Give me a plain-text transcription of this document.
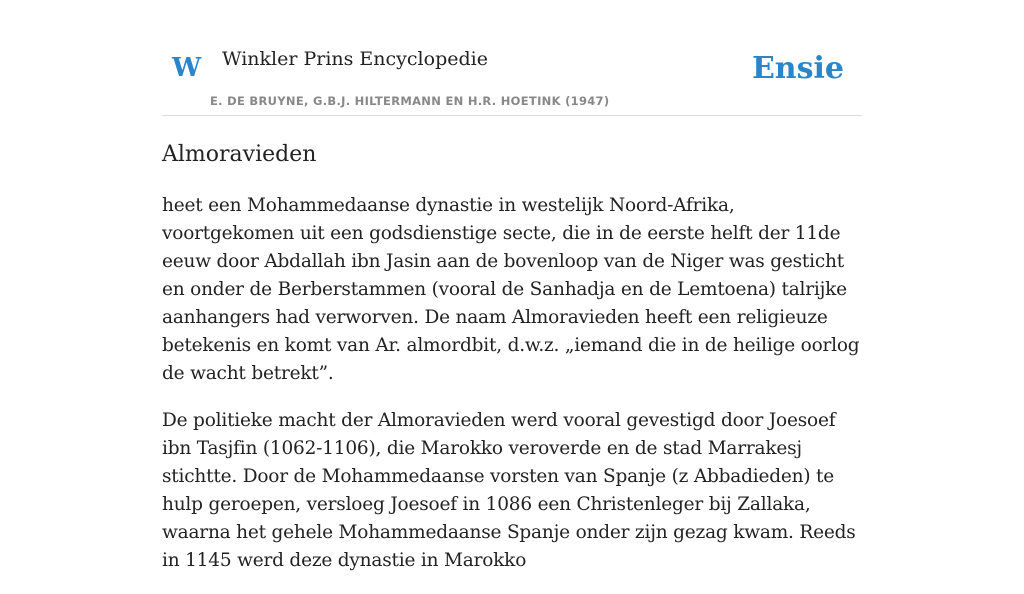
W Winkler Prins Encyclopedie
E. DE BRUYNE, G.B.J. HILTERMANN EN H.R. HOETINK (1947)
Ensie
Almoravieden

heet een Mohammedaanse dynastie in westelijk Noord-Afrika, voortgekomen uit een godsdienstige secte, die in de eerste helft der 11de eeuw door Abdallah ibn Jasin aan de bovenloop van de Niger was gesticht en onder de Berberstammen (vooral de Sanhadja en de Lemtoena) talrijke aanhangers had verworven. De naam Almoravieden heeft een religieuze betekenis en komt van Ar. almordbit, d.w.z. „iemand die in de heilige oorlog de wacht betrekt”.

De politieke macht der Almoravieden werd vooral gevestigd door Joesoef ibn Tasjfin (1062-1106), die Marokko veroverde en de stad Marrakesj stichtte. Door de Mohammedaanse vorsten van Spanje (z Abbadieden) te hulp geroepen, versloeg Joesoef in 1086 een Christenleger bij Zallaka, waarna het gehele Mohammedaanse Spanje onder zijn gezag kwam. Reeds in 1145 werd deze dynastie in Marokko
